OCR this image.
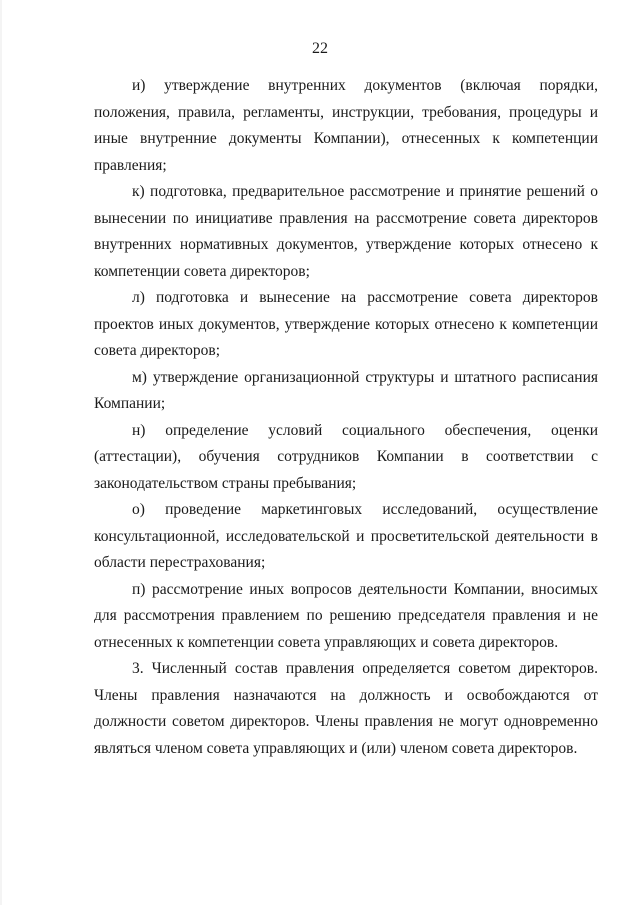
22

и) утверждение внутренних документов (включая порядки, положения, правила, регламенты, инструкции, требования, процедуры и иные внутренние документы Компании), отнесенных к компетенции правления;

к) подготовка, предварительное рассмотрение и принятие решений о вынесении по инициативе правления на рассмотрение совета директоров внутренних нормативных документов, утверждение которых отнесено к компетенции совета директоров;

л) подготовка и вынесение на рассмотрение совета директоров проектов иных документов, утверждение которых отнесено к компетенции совета директоров;

м) утверждение организационной структуры и штатного расписания Компании;

н) определение условий социального обеспечения, оценки (аттестации), обучения сотрудников Компании в соответствии с законодательством страны пребывания;

о) проведение маркетинговых исследований, осуществление консультационной, исследовательской и просветительской деятельности в области перестрахования;

п) рассмотрение иных вопросов деятельности Компании, вносимых для рассмотрения правлением по решению председателя правления и не отнесенных к компетенции совета управляющих и совета директоров.

3. Численный состав правления определяется советом директоров. Члены правления назначаются на должность и освобождаются от должности советом директоров. Члены правления не могут одновременно являться членом совета управляющих и (или) членом совета директоров.
